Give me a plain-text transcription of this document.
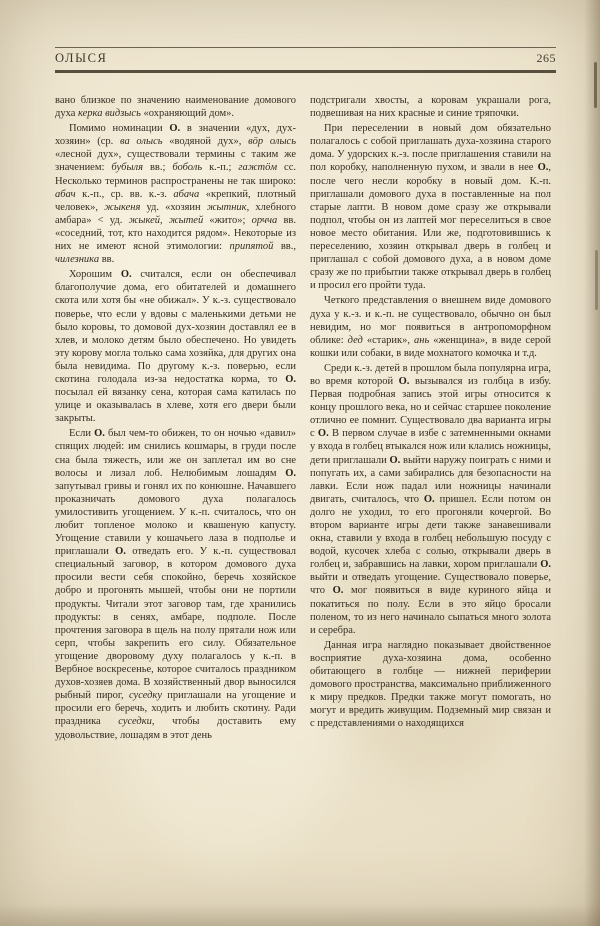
ОЛЫСЯ	265

вано близкое по значению наименование домового духа керка видзысь «охраняющий дом».

Помимо номинации О. в значении «дух, дух-хозяин» (ср. ва олысь «водяной дух», вöр олысь «лесной дух», существовали термины с таким же значением: бубыля вв.; боболь к.-п.; гажтöм сс. Несколько терминов распространены не так широко: абач к.-п., ср. вв. к.-з. абача «крепкий, плотный человек», жыкеня уд. «хозяин жытник, хлебного амбара» < уд. жыкей, жытей «жито»; орчча вв. «соседний, тот, кто находится рядом». Некоторые из них не имеют ясной этимологии: припятой вв., чилезника вв.

Хорошим О. считался, если он обеспечивал благополучие дома, его обитателей и домашнего скота или хотя бы «не обижал». У к.-з. существовало поверье, что если у вдовы с маленькими детьми не было коровы, то домовой дух-хозяин доставлял ее в хлев, и молоко детям было обеспечено. Но увидеть эту корову могла только сама хозяйка, для других она была невидима. По другому к.-з. поверью, если скотина голодала из-за недостатка корма, то О. посылал ей вязанку сена, которая сама катилась по улице и оказывалась в хлеве, хотя его двери были закрыты.

Если О. был чем-то обижен, то он ночью «давил» спящих людей: им снились кошмары, в груди после сна была тяжесть, или же он заплетал им во сне волосы и лизал лоб. Нелюбимым лошадям О. запутывал гривы и гонял их по конюшне. Начавшего проказничать домового духа полагалось умилостивить угощением. У к.-п. считалось, что он любит топленое молоко и квашеную капусту. Угощение ставили у кошачьего лаза в подполье и приглашали О. отведать его. У к.-п. существовал специальный заговор, в котором домового духа просили вести себя спокойно, беречь хозяйское добро и прогонять мышей, чтобы они не портили продукты. Читали этот заговор там, где хранились продукты: в сенях, амбаре, подполе. После прочтения заговора в щель на полу прятали нож или серп, чтобы закрепить его силу. Обязательное угощение дворовому духу полагалось у к.-п. в Вербное воскресенье, которое считалось праздником духов-хозяев дома. В хозяйственный двор выносился рыбный пирог, суседку приглашали на угощение и просили его беречь, ходить и любить скотину. Ради праздника суседки, чтобы доставить ему удовольствие, лошадям в этот день

подстригали хвосты, а коровам украшали рога, подвешивая на них красные и синие тряпочки.

При переселении в новый дом обязательно полагалось с собой приглашать духа-хозяина старого дома. У удорских к.-з. после приглашения ставили на пол коробку, наполненную пухом, и звали в нее О., после чего несли коробку в новый дом. К.-п. приглашали домового духа в поставленные на пол старые лапти. В новом доме сразу же открывали подпол, чтобы он из лаптей мог переселиться в свое новое место обитания. Или же, подготовившись к переселению, хозяин открывал дверь в голбец и приглашал с собой домового духа, а в новом доме сразу же по прибытии также открывал дверь в голбец и просил его пройти туда.

Четкого представления о внешнем виде домового духа у к.-з. и к.-п. не существовало, обычно он был невидим, но мог появиться в антропоморфном облике: дед «старик», ань «женщина», в виде серой кошки или собаки, в виде мохнатого комочка и т.д.

Среди к.-з. детей в прошлом была популярна игра, во время которой О. вызывался из голбца в избу. Первая подробная запись этой игры относится к концу прошлого века, но и сейчас старшее поколение отлично ее помнит. Существовало два варианта игры с О. В первом случае в избе с затемненными окнами у входа в голбец втыкался нож или клались ножницы, дети приглашали О. выйти наружу поиграть с ними и попугать их, а сами забирались для безопасности на лавки. Если нож падал или ножницы начинали двигать, считалось, что О. пришел. Если потом он долго не уходил, то его прогоняли кочергой. Во втором варианте игры дети также занавешивали окна, ставили у входа в голбец небольшую посуду с водой, кусочек хлеба с солью, открывали дверь в голбец и, забравшись на лавки, хором приглашали О. выйти и отведать угощение. Существовало поверье, что О. мог появиться в виде куриного яйца и покатиться по полу. Если в это яйцо бросали поленом, то из него начинало сыпаться много золота и серебра.

Данная игра наглядно показывает двойственное восприятие духа-хозяина дома, особенно обитающего в голбце — нижней периферии домового пространства, максимально приближенного к миру предков. Предки также могут помогать, но могут и вредить живущим. Подземный мир связан и с представлениями о находящихся
